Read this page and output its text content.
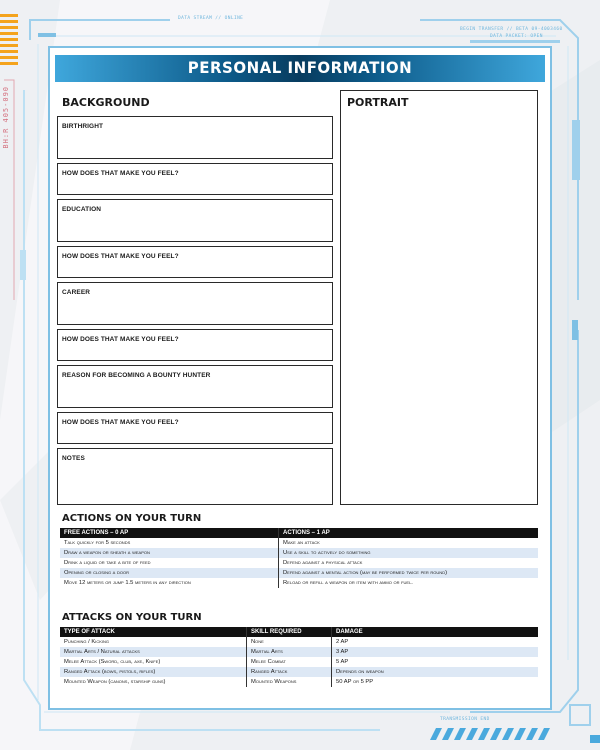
DATA STREAM // ONLINE
BEGIN TRANSFER // BETA 09-4003460
DATA PACKET: OPEN
BH:R 405-090
TRANSMISSION END
PERSONAL INFORMATION
BACKGROUND
BIRTHRIGHT
HOW DOES THAT MAKE YOU FEEL?
EDUCATION
HOW DOES THAT MAKE YOU FEEL?
CAREER
HOW DOES THAT MAKE YOU FEEL?
REASON FOR BECOMING A BOUNTY HUNTER
HOW DOES THAT MAKE YOU FEEL?
NOTES
PORTRAIT
ACTIONS ON YOUR TURN
FREE ACTIONS – 0 AP	ACTIONS – 1 AP
Talk quickly for 5 seconds	Make an attack
Draw a weapon or sheath a weapon	Use a skill to actively do something
Drink a liquid or take a bite of feed	Defend against a physical attack
Opening or closing a door	Defend against a mental action (may be performed twice per round)
Move 12 meters or jump 1.5 meters in any direction	Reload or refill a weapon or item with ammo or fuel.
ATTACKS ON YOUR TURN
TYPE OF ATTACK	SKILL REQUIRED	DAMAGE
Punching / Kicking	None	2 AP
Martial Arts / Natural attacks	Martial Arts	3 AP
Melee Attack (Sword, club, axe, Knife)	Melee Combat	5 AP
Ranged Attack (bows, pistols, rifles)	Ranged Attack	Depends on weapon
Mounted Weapon (canons, starship guns)	Mounted Weapons	50 AP or 5 PP
